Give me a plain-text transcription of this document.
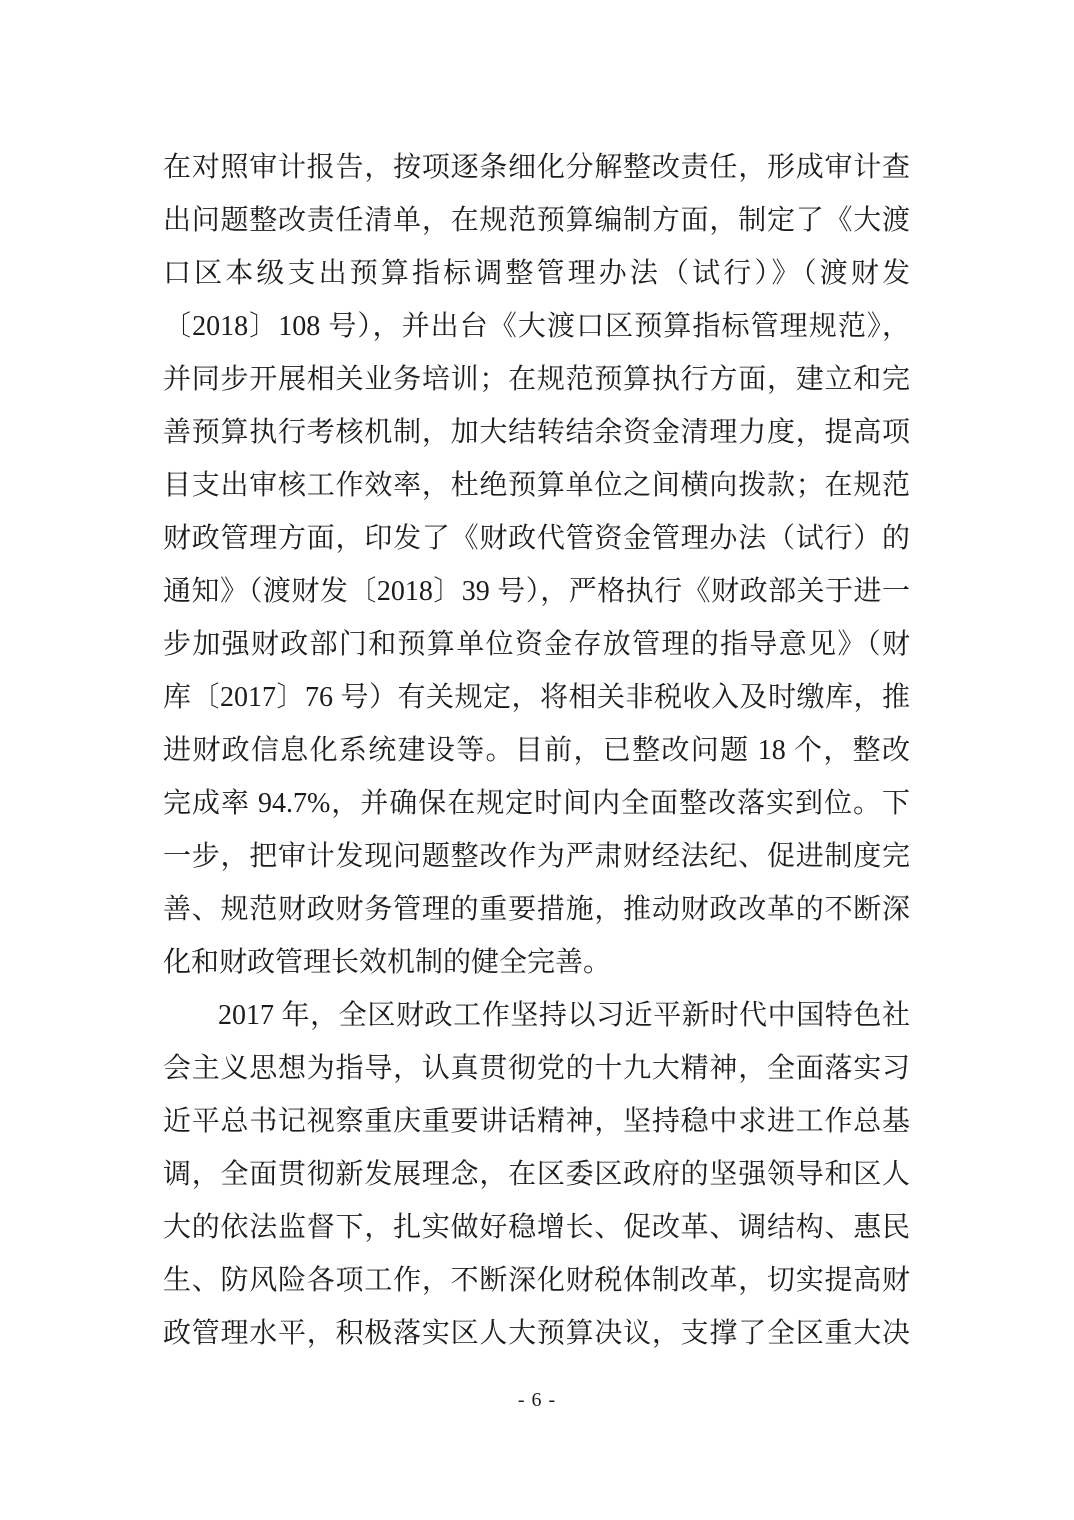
在对照审计报告，按项逐条细化分解整改责任，形成审计查
出问题整改责任清单，在规范预算编制方面，制定了《大渡
口区本级支出预算指标调整管理办法（试行）》（渡财发
〔2018〕108 号），并出台《大渡口区预算指标管理规范》，
并同步开展相关业务培训；在规范预算执行方面，建立和完
善预算执行考核机制，加大结转结余资金清理力度，提高项
目支出审核工作效率，杜绝预算单位之间横向拨款；在规范
财政管理方面，印发了《财政代管资金管理办法（试行）的
通知》（渡财发〔2018〕39 号），严格执行《财政部关于进一
步加强财政部门和预算单位资金存放管理的指导意见》（财
库〔2017〕76 号）有关规定，将相关非税收入及时缴库，推
进财政信息化系统建设等。目前，已整改问题 18 个，整改
完成率 94.7%，并确保在规定时间内全面整改落实到位。下
一步，把审计发现问题整改作为严肃财经法纪、促进制度完
善、规范财政财务管理的重要措施，推动财政改革的不断深
化和财政管理长效机制的健全完善。
2017 年，全区财政工作坚持以习近平新时代中国特色社
会主义思想为指导，认真贯彻党的十九大精神，全面落实习
近平总书记视察重庆重要讲话精神，坚持稳中求进工作总基
调，全面贯彻新发展理念，在区委区政府的坚强领导和区人
大的依法监督下，扎实做好稳增长、促改革、调结构、惠民
生、防风险各项工作，不断深化财税体制改革，切实提高财
政管理水平，积极落实区人大预算决议，支撑了全区重大决
- 6 -
